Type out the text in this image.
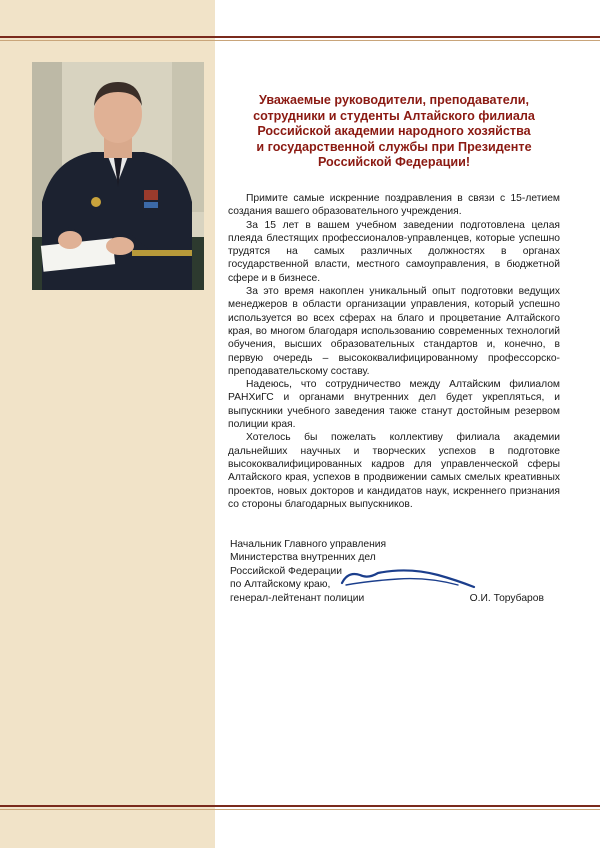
Уважаемые руководители, преподаватели,
сотрудники и студенты Алтайского филиала
Российской академии народного хозяйства
и государственной службы при Президенте
Российской Федерации!

Примите самые искренние поздравления в связи с 15-летием создания вашего образовательного учреждения.

За 15 лет в вашем учебном заведении подготовлена целая плеяда блестящих профессионалов-управленцев, которые успешно трудятся на самых различных должностях в органах государственной власти, местного самоуправления, в бюджетной сфере и в бизнесе.

За это время накоплен уникальный опыт подготовки ведущих менеджеров в области организации управления, который успешно используется во всех сферах на благо и процветание Алтайского края, во многом благодаря использованию современных технологий обучения, высших образовательных стандартов и, конечно, в первую очередь – высококвалифицированному профессорско-преподавательскому составу.

Надеюсь, что сотрудничество между Алтайским филиалом РАНХиГС и органами внутренних дел будет укрепляться, и выпускники учебного заведения также станут достойным резервом полиции края.

Хотелось бы пожелать коллективу филиала академии дальнейших научных и творческих успехов в подготовке высококвалифицированных кадров для управленческой сферы Алтайского края, успехов в продвижении самых смелых креативных проектов, новых докторов и кандидатов наук, искреннего признания со стороны благодарных выпускников.

Начальник Главного управления
Министерства внутренних дел
Российской Федерации
по Алтайскому краю,
генерал-лейтенант полиции	О.И. Торубаров
